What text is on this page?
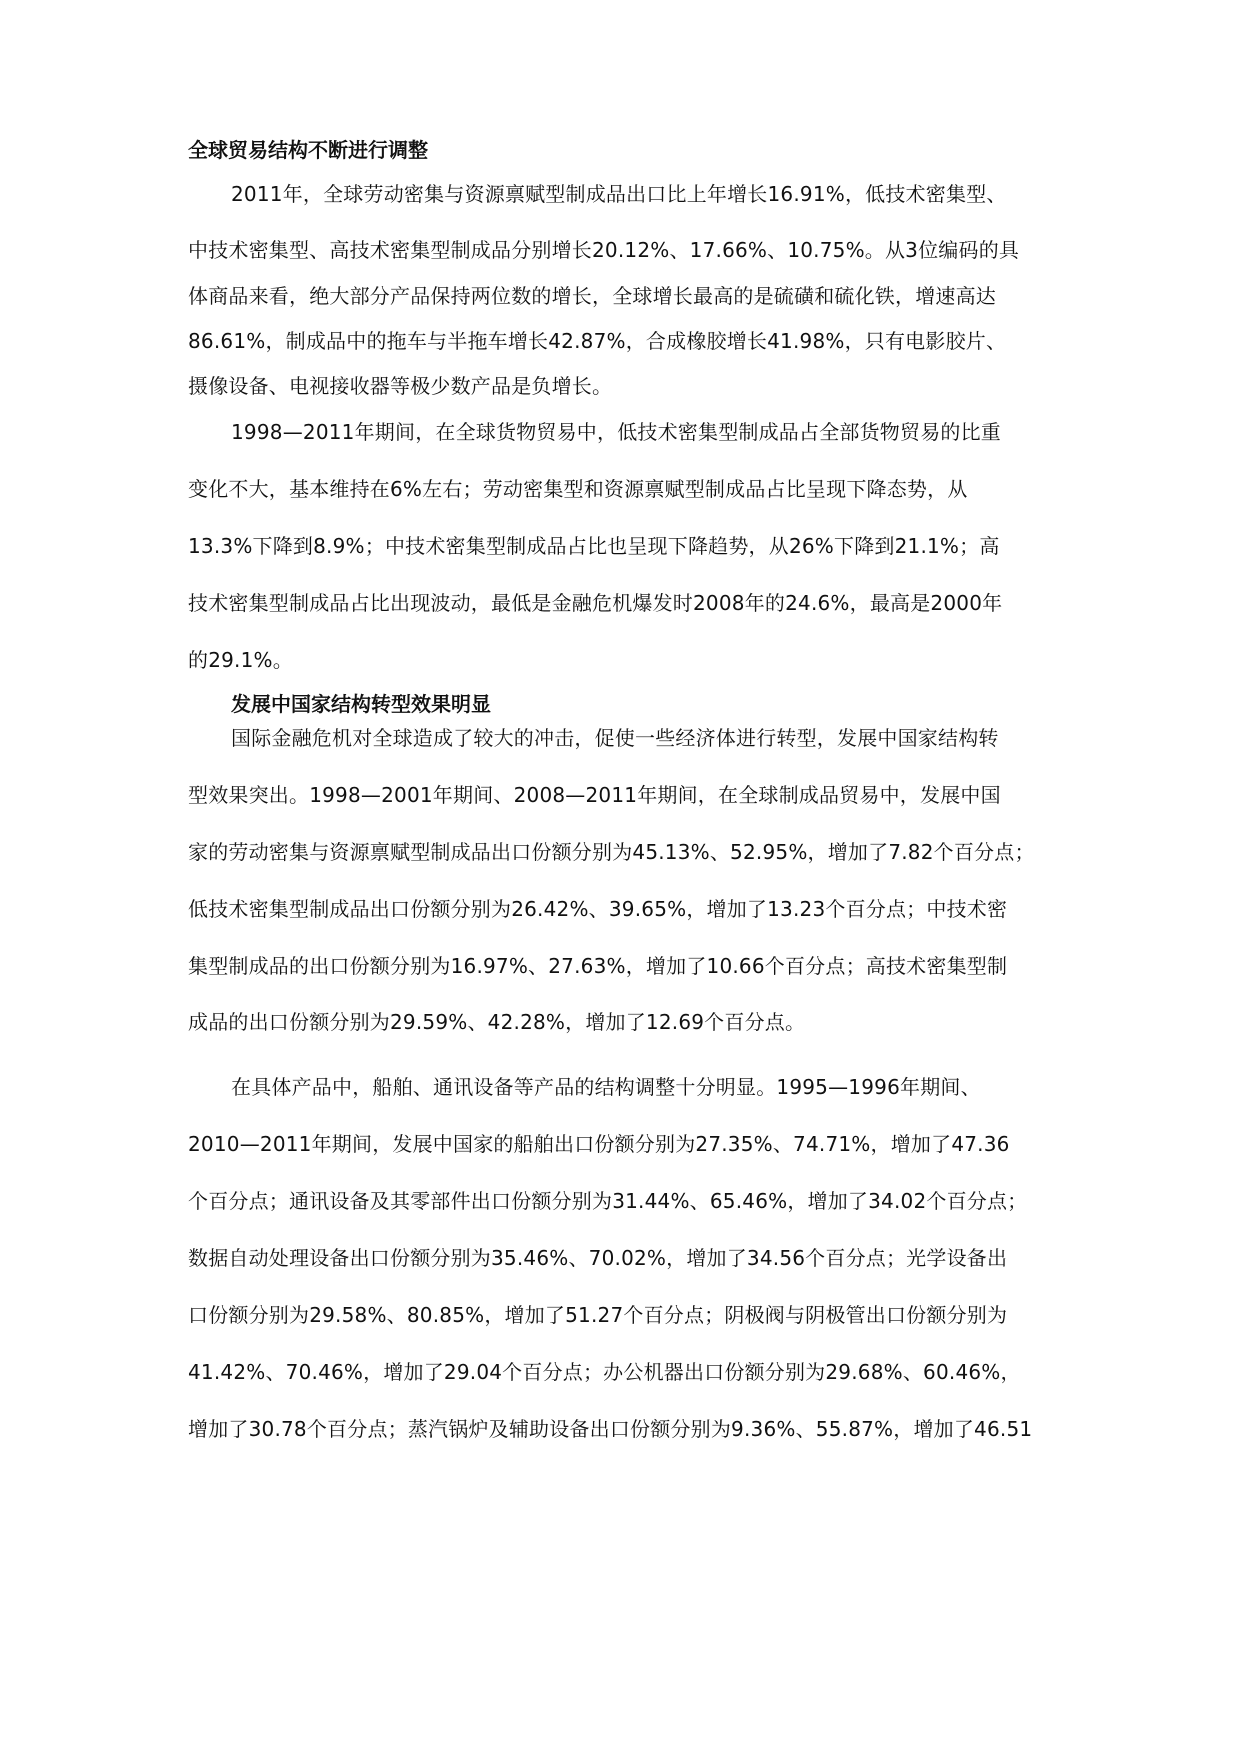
全球贸易结构不断进行调整
2011年，全球劳动密集与资源禀赋型制成品出口比上年增长16.91%，低技术密集型、
中技术密集型、高技术密集型制成品分别增长20.12%、17.66%、10.75%。从3位编码的具
体商品来看，绝大部分产品保持两位数的增长，全球增长最高的是硫磺和硫化铁，增速高达
86.61%，制成品中的拖车与半拖车增长42.87%，合成橡胶增长41.98%，只有电影胶片、
摄像设备、电视接收器等极少数产品是负增长。
1998—2011年期间，在全球货物贸易中，低技术密集型制成品占全部货物贸易的比重
变化不大，基本维持在6%左右；劳动密集型和资源禀赋型制成品占比呈现下降态势，从
13.3%下降到8.9%；中技术密集型制成品占比也呈现下降趋势，从26%下降到21.1%；高
技术密集型制成品占比出现波动，最低是金融危机爆发时2008年的24.6%，最高是2000年
的29.1%。
发展中国家结构转型效果明显
国际金融危机对全球造成了较大的冲击，促使一些经济体进行转型，发展中国家结构转
型效果突出。1998—2001年期间、2008—2011年期间，在全球制成品贸易中，发展中国
家的劳动密集与资源禀赋型制成品出口份额分别为45.13%、52.95%，增加了7.82个百分点；
低技术密集型制成品出口份额分别为26.42%、39.65%，增加了13.23个百分点；中技术密
集型制成品的出口份额分别为16.97%、27.63%，增加了10.66个百分点；高技术密集型制
成品的出口份额分别为29.59%、42.28%，增加了12.69个百分点。
在具体产品中，船舶、通讯设备等产品的结构调整十分明显。1995—1996年期间、
2010—2011年期间，发展中国家的船舶出口份额分别为27.35%、74.71%，增加了47.36
个百分点；通讯设备及其零部件出口份额分别为31.44%、65.46%，增加了34.02个百分点；
数据自动处理设备出口份额分别为35.46%、70.02%，增加了34.56个百分点；光学设备出
口份额分别为29.58%、80.85%，增加了51.27个百分点；阴极阀与阴极管出口份额分别为
41.42%、70.46%，增加了29.04个百分点；办公机器出口份额分别为29.68%、60.46%，
增加了30.78个百分点；蒸汽锅炉及辅助设备出口份额分别为9.36%、55.87%，增加了46.51
